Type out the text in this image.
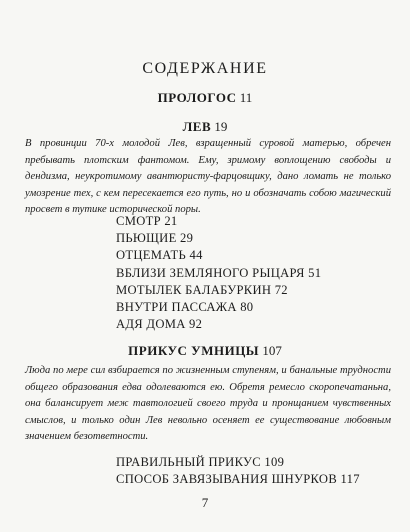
СОДЕРЖАНИЕ
ПРОЛОГОС 11
ЛЕВ 19
В провинции 70-х молодой Лев, взращенный суровой матерью, обречен пребывать плотским фантомом. Ему, зримому воплощению свободы и дендизма, неукротимому авантюристу-фарцовщику, дано ломать не только умозрение тех, с кем пересекается его путь, но и обозначать собою магический просвет в тутике исторической поры.
СМОТР 21
ПЬЮЩИЕ 29
ОТЦЕМАТЬ 44
ВБЛИЗИ ЗЕМЛЯНОГО РЫЦАРЯ 51
МОТЫЛЕК БАЛАБУРКИН 72
ВНУТРИ ПАССАЖА 80
АДЯ ДОМА 92
ПРИКУС УМНИЦЫ 107
Люда по мере сил взбирается по жизненным ступеням, и банальные трудности общего образования едва одолеваются ею. Обретя ремесло скоропечатаньна, она балансирует меж тавтологией своего труда и пронщанием чувственных смыслов, и только один Лев невольно осеняет ее существование любовным значением безответности.
ПРАВИЛЬНЫЙ ПРИКУС 109
СПОСОБ ЗАВЯЗЫВАНИЯ ШНУРКОВ 117
7
